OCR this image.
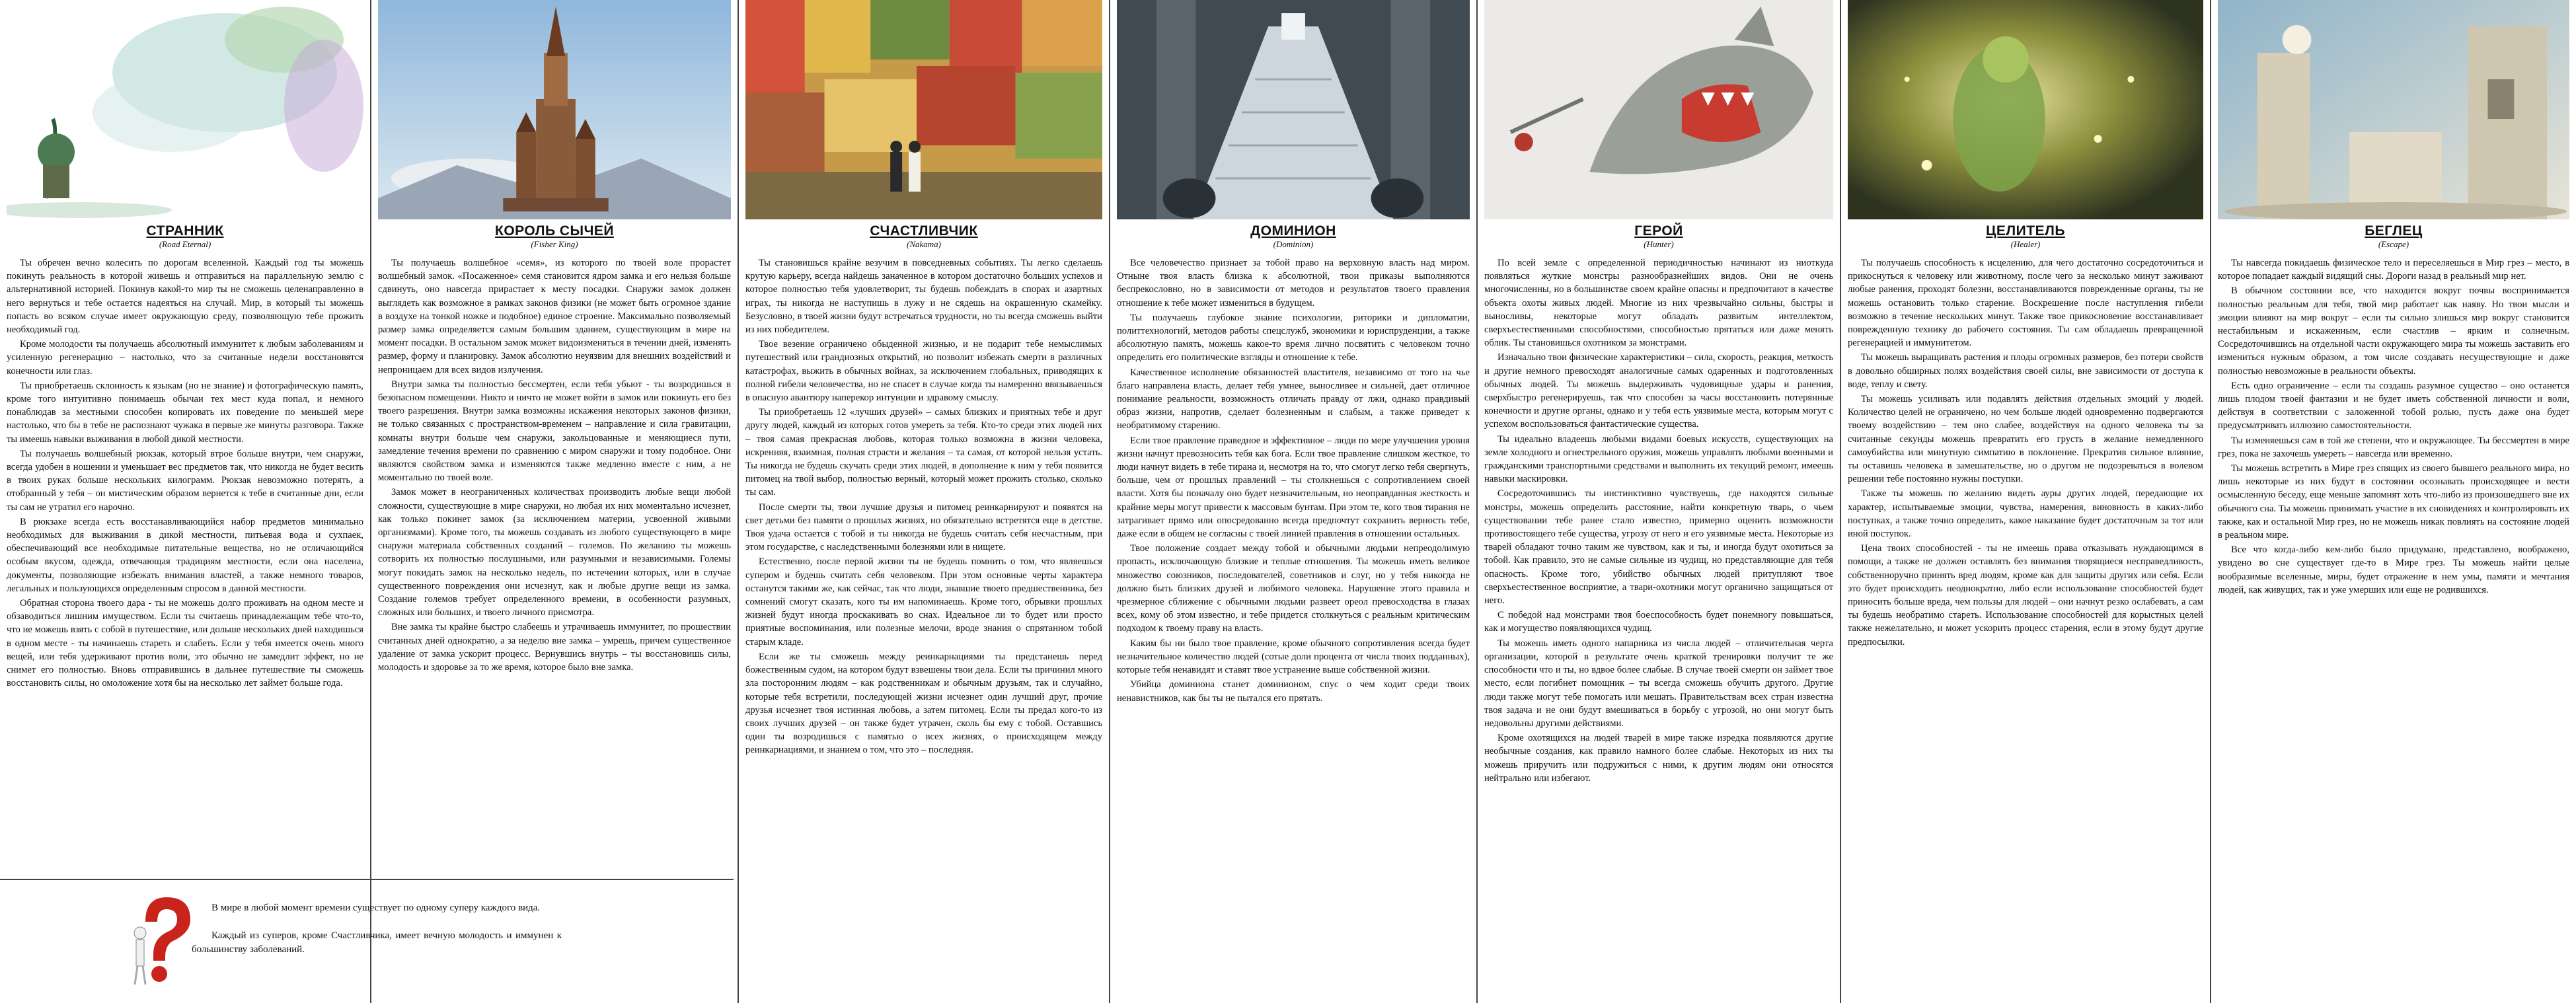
СТРАННИК
(Road Eternal)

Ты обречен вечно колесить по дорогам вселенной. Каждый год ты можешь покинуть реальность в которой живешь и отправиться на параллельную землю с альтернативной историей. Покинув какой-то мир ты не сможешь целенаправленно в него вернуться и тебе остается надеяться на случай. Мир, в который ты можешь попасть во всяком случае имеет окружающую среду, позволяющую тебе прожить необходимый год.

Кроме молодости ты получаешь абсолютный иммунитет к любым заболеваниям и усиленную регенерацию – настолько, что за считанные недели восстановятся конечности или глаз.

Ты приобретаешь склонность к языкам (но не знание) и фотографическую память, кроме того интуитивно понимаешь обычаи тех мест куда попал, и немного понаблюдав за местными способен копировать их поведение по меньшей мере настолько, что бы в тебе не распознают чужака в первые же минуты разговора. Также ты имеешь навыки выживания в любой дикой местности.

Ты получаешь волшебный рюкзак, который втрое больше внутри, чем снаружи, всегда удобен в ношении и уменьшает вес предметов так, что никогда не будет весить в твоих руках больше нескольких килограмм. Рюкзак невозможно потерять, а отобранный у тебя – он мистическим образом вернется к тебе в считанные дни, если ты сам не утратил его нарочно.

В рюкзаке всегда есть восстанавливающийся набор предметов минимально необходимых для выживания в дикой местности, питьевая вода и сухпаек, обеспечивающий все необходимые питательные вещества, но не отличающийся особым вкусом, одежда, отвечающая традициям местности, если она населена, документы, позволяющие избежать внимания властей, а также немного товаров, легальных и пользующихся определенным спросом в данной местности.

Обратная сторона твоего дара - ты не можешь долго проживать на одном месте и обзаводиться лишним имуществом. Если ты считаешь принадлежащим тебе что-то, что не можешь взять с собой в путешествие, или дольше нескольких дней находишься в одном месте - ты начинаешь стареть и слабеть. Если у тебя имеется очень много вещей, или тебя удерживают против воли, это обычно не замедлит эффект, но не снимет его полностью. Вновь отправившись в дальнее путешествие ты сможешь восстановить силы, но омоложение хотя бы на несколько лет займет больше года.

КОРОЛЬ СЫЧЕЙ
(Fisher King)

Ты получаешь волшебное «семя», из которого по твоей воле прорастет волшебный замок. «Посаженное» семя становится ядром замка и его нельзя больше сдвинуть, оно навсегда прирастает к месту посадки. Снаружи замок должен выглядеть как возможное в рамках законов физики (не может быть огромное здание в воздухе на тонкой ножке и подобное) единое строение. Максимально позволяемый размер замка определяется самым большим зданием, существующим в мире на момент посадки. В остальном замок может видоизменяться в течении дней, изменять размер, форму и планировку. Замок абсолютно неуязвим для внешних воздействий и непроницаем для всех видов излучения.

Внутри замка ты полностью бессмертен, если тебя убьют - ты возродишься в безопасном помещении. Никто и ничто не может войти в замок или покинуть его без твоего разрешения. Внутри замка возможны искажения некоторых законов физики, не только связанных с пространством-временем – направление и сила гравитации, комнаты внутри больше чем снаружи, закольцованные и меняющиеся пути, замедление течения времени по сравнению с миром снаружи и тому подобное. Они являются свойством замка и изменяются также медленно вместе с ним, а не моментально по твоей воле.

Замок может в неограниченных количествах производить любые вещи любой сложности, существующие в мире снаружи, но любая их них моментально исчезнет, как только покинет замок (за исключением материи, усвоенной живыми организмами). Кроме того, ты можешь создавать из любого существующего в мире снаружи материала собственных созданий – големов. По желанию ты можешь сотворить их полностью послушными, или разумными и независимыми. Големы могут покидать замок на несколько недель, по истечении которых, или в случае существенного повреждения они исчезнут, как и любые другие вещи из замка. Создание големов требует определенного времени, в особенности разумных, сложных или больших, и твоего личного присмотра.

Вне замка ты крайне быстро слабеешь и утрачиваешь иммунитет, по прошествии считанных дней однократно, а за неделю вне замка – умрешь, причем существенное удаление от замка ускорит процесс. Вернувшись внутрь – ты восстановишь силы, молодость и здоровье за то же время, которое было вне замка.

СЧАСТЛИВЧИК
(Nakama)

Ты становишься крайне везучим в повседневных событиях. Ты легко сделаешь крутую карьеру, всегда найдешь заначенное в котором достаточно больших успехов и которое полностью тебя удовлетворит, ты будешь побеждать в спорах и азартных играх, ты никогда не наступишь в лужу и не сядешь на окрашенную скамейку. Безусловно, в твоей жизни будут встречаться трудности, но ты всегда сможешь выйти из них победителем.

Твое везение ограничено обыденной жизнью, и не подарит тебе немыслимых путешествий или грандиозных открытий, но позволит избежать смерти в различных катастрофах, выжить в обычных войнах, за исключением глобальных, приводящих к полной гибели человечества, но не спасет в случае когда ты намеренно ввязываешься в опасную авантюру наперекор интуиции и здравому смыслу.

Ты приобретаешь 12 «лучших друзей» – самых близких и приятных тебе и друг другу людей, каждый из которых готов умереть за тебя. Кто-то среди этих людей них – твоя самая прекрасная любовь, которая только возможна в жизни человека, искренняя, взаимная, полная страсти и желания – та самая, от которой нельзя устать. Ты никогда не будешь скучать среди этих людей, в дополнение к ним у тебя появится питомец на твой выбор, полностью верный, который может прожить столько, сколько ты сам.

После смерти ты, твои лучшие друзья и питомец реинкарнируют и появятся на свет детьми без памяти о прошлых жизнях, но обязательно встретятся еще в детстве. Твоя удача остается с тобой и ты никогда не будешь считать себя несчастным, при этом государстве, с наследственными болезнями или в нищете.

Естественно, после первой жизни ты не будешь помнить о том, что являешься супером и будешь считать себя человеком. При этом основные черты характера останутся такими же, как сейчас, так что люди, знавшие твоего предшественника, без сомнений смогут сказать, кого ты им напоминаешь. Кроме того, обрывки прошлых жизней будут иногда проскакивать во снах. Идеальное ли то будет или просто приятные воспоминания, или полезные мелочи, вроде знания о спрятанном тобой старым кладе.

Если же ты сможешь между реинкарнациями ты предстанешь перед божественным судом, на котором будут взвешены твои дела. Если ты причинил много зла посторонним людям – как родственникам и обычным друзьям, так и случайно, которые тебя встретили, последующей жизни исчезнет один лучший друг, прочие друзья исчезнет твоя истинная любовь, а затем питомец. Если ты предал кого-то из своих лучших друзей – он также будет утрачен, сколь бы ему с тобой. Оставшись один ты возродишься с памятью о всех жизнях, о происходящем между реинкарнациями, и знанием о том, что это – последняя.

ДОМИНИОН
(Dominion)

Все человечество признает за тобой право на верховную власть над миром. Отныне твоя власть близка к абсолютной, твои приказы выполняются беспрекословно, но в зависимости от методов и результатов твоего правления отношение к тебе может измениться в будущем.

Ты получаешь глубокое знание психологии, риторики и дипломатии, политтехнологий, методов работы спецслужб, экономики и юриспруденции, а также абсолютную память, можешь какое-то время лично посвятить с человеком точно определить его политические взгляды и отношение к тебе.

Качественное исполнение обязанностей властителя, независимо от того на чье благо направлена власть, делает тебя умнее, выносливее и сильней, дает отличное понимание реальности, возможность отличать правду от лжи, однако правдивый образ жизни, напротив, сделает болезненным и слабым, а также приведет к необратимому старению.

Если твое правление праведное и эффективное – люди по мере улучшения уровня жизни начнут превозносить тебя как бога. Если твое правление слишком жесткое, то люди начнут видеть в тебе тирана и, несмотря на то, что смогут легко тебя свергнуть, больше, чем от прошлых правлений – ты столкнешься с сопротивлением своей власти. Хотя бы поначалу оно будет незначительным, но неоправданная жесткость и крайние меры могут привести к массовым бунтам. При этом те, кого твоя тирания не затрагивает прямо или опосредованно всегда предпочтут сохранить верность тебе, даже если в общем не согласны с твоей линией правления в отношении остальных.

Твое положение создает между тобой и обычными людьми непреодолимую пропасть, исключающую близкие и теплые отношения. Ты можешь иметь великое множество союзников, последователей, советников и слуг, но у тебя никогда не должно быть близких друзей и любимого человека. Нарушение этого правила и чрезмерное сближение с обычными людьми развеет ореол превосходства в глазах всех, кому об этом известно, и тебе придется столкнуться с реальным критическим подходом к твоему праву на власть.

Каким бы ни было твое правление, кроме обычного сопротивления всегда будет незначительное количество людей (сотые доли процента от числа твоих подданных), которые тебя ненавидят и ставят твое устранение выше собственной жизни.

Убийца доминиона станет доминионом, спус о чем ходит среди твоих ненавистников, как бы ты не пытался его прятать.

ГЕРОЙ
(Hunter)

По всей земле с определенной периодичностью начинают из ниоткуда появляться жуткие монстры разнообразнейших видов. Они не очень многочисленны, но в большинстве своем крайне опасны и предпочитают в качестве объекта охоты живых людей. Многие из них чрезвычайно сильны, быстры и выносливы, некоторые могут обладать развитым интеллектом, сверхъестественными способностями, способностью прятаться или даже менять облик. Ты становишься охотником за монстрами.

Изначально твои физические характеристики – сила, скорость, реакция, меткость и другие немного превосходят аналогичные самых одаренных и подготовленных обычных людей. Ты можешь выдерживать чудовищные удары и ранения, сверхбыстро регенерируешь, так что способен за часы восстановить потерянные конечности и другие органы, однако и у тебя есть уязвимые места, которым могут с успехом воспользоваться фантастические существа.

Ты идеально владеешь любыми видами боевых искусств, существующих на земле холодного и огнестрельного оружия, можешь управлять любыми военными и гражданскими транспортными средствами и выполнить их текущий ремонт, имеешь навыки маскировки.

Сосредоточившись ты инстинктивно чувствуешь, где находятся сильные монстры, можешь определить расстояние, найти конкретную тварь, о чьем существовании тебе ранее стало известно, примерно оценить возможности противостоящего тебе существа, угрозу от него и его уязвимые места. Некоторые из тварей обладают точно таким же чувством, как и ты, и иногда будут охотиться за тобой. Как правило, это не самые сильные из чудищ, но представляющие для тебя опасность. Кроме того, убийство обычных людей притупляют твое сверхъестественное восприятие, а твари-охотники могут органично защищаться от него.

С победой над монстрами твоя боеспособность будет понемногу повышаться, как и могущество появляющихся чудищ.

Ты можешь иметь одного напарника из числа людей – отличительная черта организации, которой в результате очень краткой тренировки получит те же способности что и ты, но вдвое более слабые. В случае твоей смерти он займет твое место, если погибнет помощник – ты всегда сможешь обучить другого. Другие люди также могут тебе помогать или мешать. Правительствам всех стран известна твоя задача и не они будут вмешиваться в борьбу с угрозой, но они могут быть недовольны другими действиями.

Кроме охотящихся на людей тварей в мире также изредка появляются другие необычные создания, как правило намного более слабые. Некоторых из них ты можешь приручить или подружиться с ними, к другим людям они относятся нейтрально или избегают.

ЦЕЛИТЕЛЬ
(Healer)

Ты получаешь способность к исцелению, для чего достаточно сосредоточиться и прикоснуться к человеку или животному, после чего за несколько минут заживают любые ранения, проходят болезни, восстанавливаются поврежденные органы, ты не можешь остановить только старение. Воскрешение после наступления гибели возможно в течение нескольких минут. Также твое прикосновение восстанавливает поврежденную технику до рабочего состояния. Ты сам обладаешь превращенной регенерацией и иммунитетом.

Ты можешь выращивать растения и плоды огромных размеров, без потери свойств в довольно обширных полях воздействия своей силы, вне зависимости от доступа к воде, теплу и свету.

Ты можешь усиливать или подавлять действия отдельных эмоций у людей. Количество целей не ограничено, но чем больше людей одновременно подвергаются твоему воздействию – тем оно слабее, воздействуя на одного человека ты за считанные секунды можешь превратить его грусть в желание немедленного самоубийства или минутную симпатию в поклонение. Прекратив сильное влияние, ты оставишь человека в замешательстве, но о другом не подозреваться в волевом решении тебе постоянно нужны поступки.

Также ты можешь по желанию видеть ауры других людей, передающие их характер, испытываемые эмоции, чувства, намерения, виновность в каких-либо поступках, а также точно определить, какое наказание будет достаточным за тот или иной поступок.

Цена твоих способностей - ты не имеешь права отказывать нуждающимся в помощи, а также не должен оставлять без внимания творящиеся несправедливость, собственноручно принять вред людям, кроме как для защиты других или себя. Если это будет происходить неоднократно, либо если использование способностей будет приносить больше вреда, чем пользы для людей – они начнут резко ослабевать, а сам ты будешь необратимо стареть. Использование способностей для корыстных целей также нежелательно, и может ускорить процесс старения, если в этому будут другие предпосылки.

БЕГЛЕЦ
(Escape)

Ты навсегда покидаешь физическое тело и переселяешься в Мир грез – место, в которое попадает каждый видящий сны. Дороги назад в реальный мир нет.

В обычном состоянии все, что находится вокруг почвы воспринимается полностью реальным для тебя, твой мир работает как наяву. Но твои мысли и эмоции влияют на мир вокруг – если ты сильно злишься мир вокруг становится нестабильным и искаженным, если счастлив – ярким и солнечным. Сосредоточившись на отдельной части окружающего мира ты можешь заставить его измениться нужным образом, а том числе создавать несуществующие и даже полностью невозможные в реальности объекты.

Есть одно ограничение – если ты создашь разумное существо – оно останется лишь плодом твоей фантазии и не будет иметь собственной личности и воли, действуя в соответствии с заложенной тобой ролью, пусть даже она будет предусматривать иллюзию самостоятельности.

Ты изменяешься сам в той же степени, что и окружающее. Ты бессмертен в мире грез, пока не захочешь умереть – навсегда или временно.

Ты можешь встретить в Мире грез спящих из своего бывшего реального мира, но лишь некоторые из них будут в состоянии осознавать происходящее и вести осмысленную беседу, еще меньше запомнят хоть что-либо из произошедшего вне их обычного сна. Ты можешь принимать участие в их сновидениях и контролировать их также, как и остальной Мир грез, но не можешь никак повлиять на состояние людей в реальном мире.

Все что когда-либо кем-либо было придумано, представлено, воображено, увидено во сне существует где-то в Мире грез. Ты можешь найти целые вообразимые вселенные, миры, будет отражение в нем умы, памяти и мечтания людей, как живущих, так и уже умерших или еще не родившихся.

В мире в любой момент времени существует по одному суперу каждого вида.

Каждый из суперов, кроме Счастливчика, имеет вечную молодость и иммунен к большинству заболеваний.
